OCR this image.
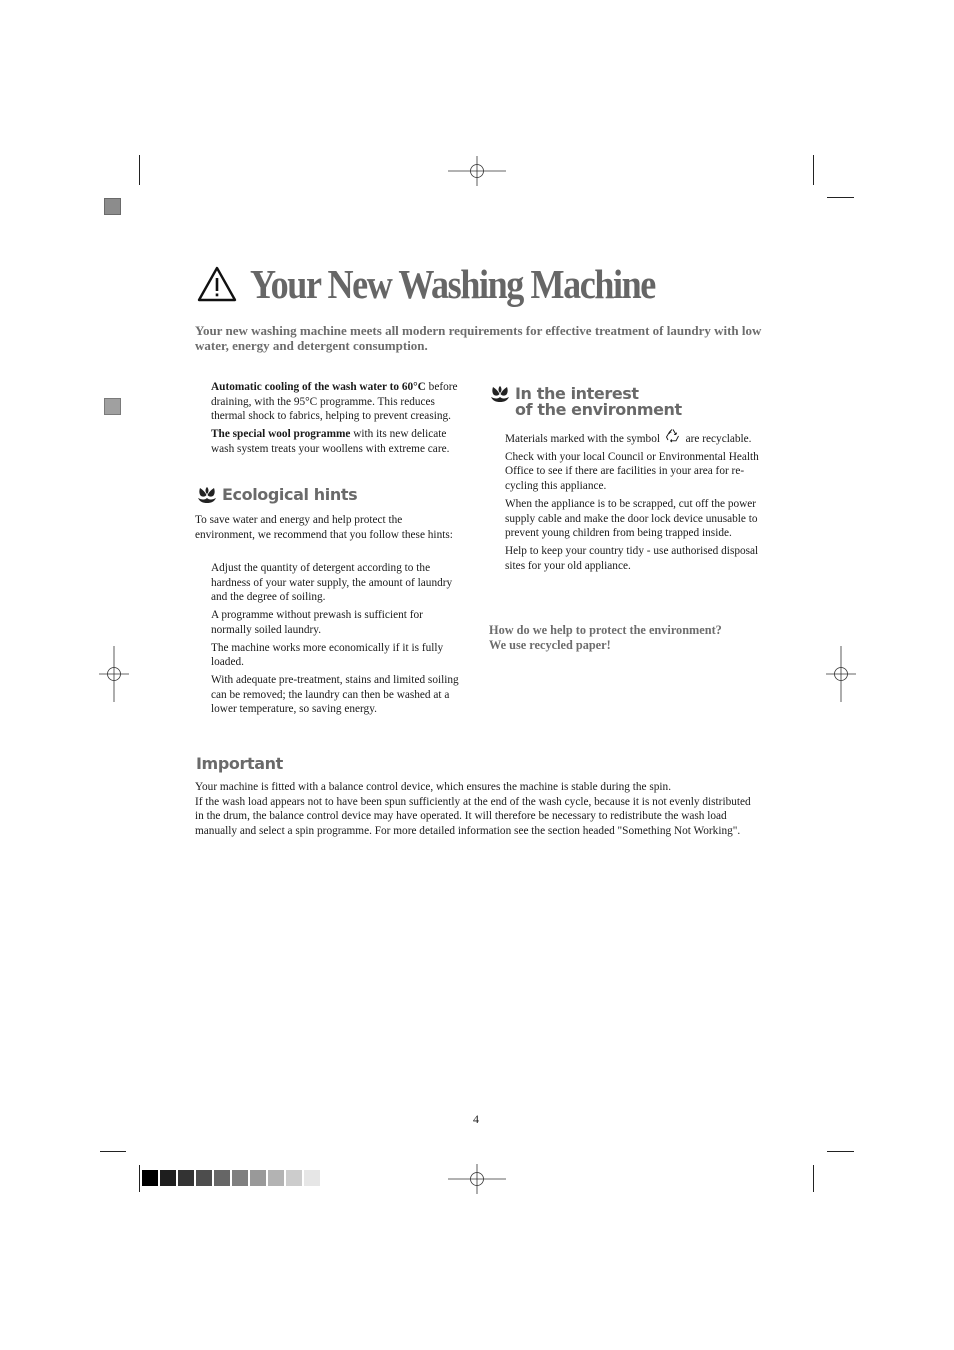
Your New Washing Machine
Your new washing machine meets all modern requirements for effective treatment of laundry with low water, energy and detergent consumption.

Automatic cooling of the wash water to 60°C before draining, with the 95°C programme. This reduces thermal shock to fabrics, helping to prevent creasing.

The special wool programme with its new delicate wash system treats your woollens with extreme care.

Ecological hints
To save water and energy and help protect the environment, we recommend that you follow these hints:

Adjust the quantity of detergent according to the hardness of your water supply, the amount of laundry and the degree of soiling.

A programme without prewash is sufficient for normally soiled laundry.

The machine works more economically if it is fully loaded.

With adequate pre-treatment, stains and limited soiling can be removed; the laundry can then be washed at a lower temperature, so saving energy.

In the interest
of the environment

Materials marked with the symbol are recyclable.

Check with your local Council or Environmental Health Office to see if there are facilities in your area for re-cycling this appliance.

When the appliance is to be scrapped, cut off the power supply cable and make the door lock device unusable to prevent young children from being trapped inside.

Help to keep your country tidy - use authorised disposal sites for your old appliance.

How do we help to protect the environment?
We use recycled paper!
Important
Your machine is fitted with a balance control device, which ensures the machine is stable during the spin.
If the wash load appears not to have been spun sufficiently at the end of the wash cycle, because it is not evenly distributed in the drum, the balance control device may have operated. It will therefore be necessary to redistribute the wash load manually and select a spin programme. For more detailed information see the section headed "Something Not Working".
4
